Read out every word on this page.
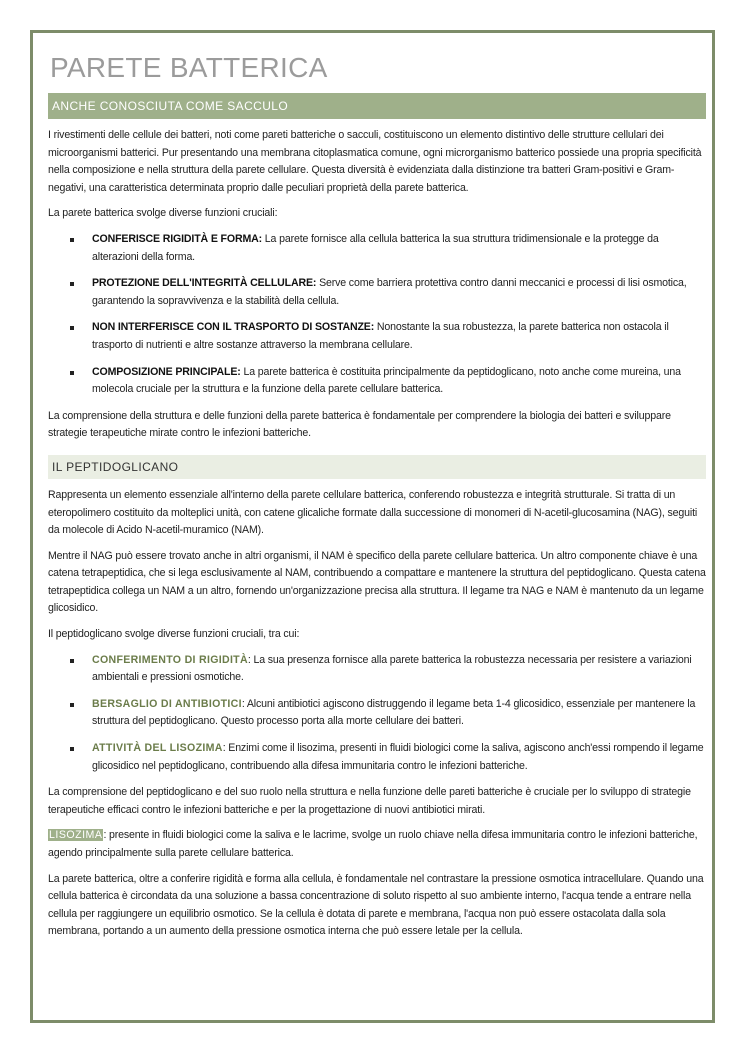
PARETE BATTERICA
ANCHE CONOSCIUTA COME SACCULO

I rivestimenti delle cellule dei batteri, noti come pareti batteriche o sacculi, costituiscono un elemento distintivo delle strutture cellulari dei microorganismi batterici. Pur presentando una membrana citoplasmatica comune, ogni microrganismo batterico possiede una propria specificità nella composizione e nella struttura della parete cellulare. Questa diversità è evidenziata dalla distinzione tra batteri Gram-positivi e Gram-negativi, una caratteristica determinata proprio dalle peculiari proprietà della parete batterica.

La parete batterica svolge diverse funzioni cruciali:

CONFERISCE RIGIDITÀ E FORMA: La parete fornisce alla cellula batterica la sua struttura tridimensionale e la protegge da alterazioni della forma.
PROTEZIONE DELL'INTEGRITÀ CELLULARE: Serve come barriera protettiva contro danni meccanici e processi di lisi osmotica, garantendo la sopravvivenza e la stabilità della cellula.
NON INTERFERISCE CON IL TRASPORTO DI SOSTANZE: Nonostante la sua robustezza, la parete batterica non ostacola il trasporto di nutrienti e altre sostanze attraverso la membrana cellulare.
COMPOSIZIONE PRINCIPALE: La parete batterica è costituita principalmente da peptidoglicano, noto anche come mureina, una molecola cruciale per la struttura e la funzione della parete cellulare batterica.

La comprensione della struttura e delle funzioni della parete batterica è fondamentale per comprendere la biologia dei batteri e sviluppare strategie terapeutiche mirate contro le infezioni batteriche.

IL PEPTIDOGLICANO

Rappresenta un elemento essenziale all'interno della parete cellulare batterica, conferendo robustezza e integrità strutturale. Si tratta di un eteropolimero costituito da molteplici unità, con catene glicaliche formate dalla successione di monomeri di N-acetil-glucosamina (NAG), seguiti da molecole di Acido N-acetil-muramico (NAM).

Mentre il NAG può essere trovato anche in altri organismi, il NAM è specifico della parete cellulare batterica. Un altro componente chiave è una catena tetrapeptidica, che si lega esclusivamente al NAM, contribuendo a compattare e mantenere la struttura del peptidoglicano. Questa catena tetrapeptidica collega un NAM a un altro, fornendo un'organizzazione precisa alla struttura. Il legame tra NAG e NAM è mantenuto da un legame glicosidico.

Il peptidoglicano svolge diverse funzioni cruciali, tra cui:

CONFERIMENTO DI RIGIDITÀ: La sua presenza fornisce alla parete batterica la robustezza necessaria per resistere a variazioni ambientali e pressioni osmotiche.
BERSAGLIO DI ANTIBIOTICI: Alcuni antibiotici agiscono distruggendo il legame beta 1-4 glicosidico, essenziale per mantenere la struttura del peptidoglicano. Questo processo porta alla morte cellulare dei batteri.
ATTIVITÀ DEL LISOZIMA: Enzimi come il lisozima, presenti in fluidi biologici come la saliva, agiscono anch'essi rompendo il legame glicosidico nel peptidoglicano, contribuendo alla difesa immunitaria contro le infezioni batteriche.

La comprensione del peptidoglicano e del suo ruolo nella struttura e nella funzione delle pareti batteriche è cruciale per lo sviluppo di strategie terapeutiche efficaci contro le infezioni batteriche e per la progettazione di nuovi antibiotici mirati.

LISOZIMA: presente in fluidi biologici come la saliva e le lacrime, svolge un ruolo chiave nella difesa immunitaria contro le infezioni batteriche, agendo principalmente sulla parete cellulare batterica.

La parete batterica, oltre a conferire rigidità e forma alla cellula, è fondamentale nel contrastare la pressione osmotica intracellulare. Quando una cellula batterica è circondata da una soluzione a bassa concentrazione di soluto rispetto al suo ambiente interno, l'acqua tende a entrare nella cellula per raggiungere un equilibrio osmotico. Se la cellula è dotata di parete e membrana, l'acqua non può essere ostacolata dalla sola membrana, portando a un aumento della pressione osmotica interna che può essere letale per la cellula.
